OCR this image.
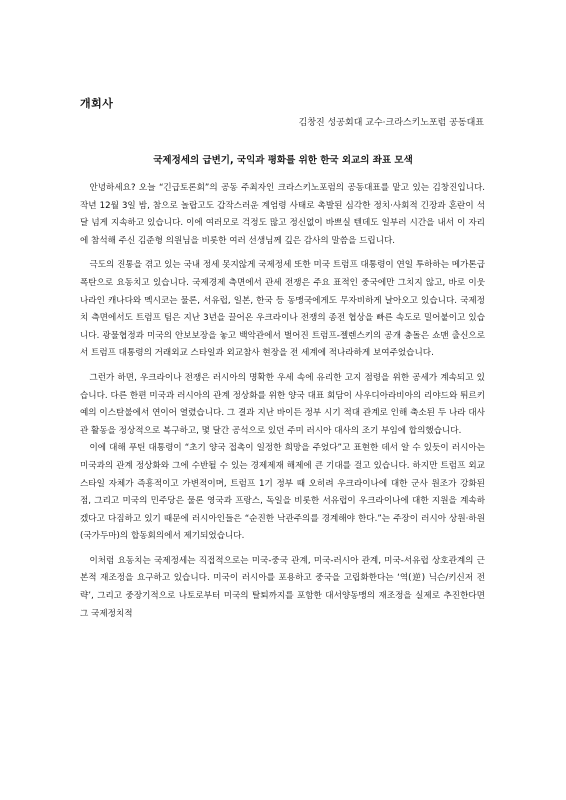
개회사
김창진 성공회대 교수·크라스키노포럼 공동대표
국제정세의 급변기, 국익과 평화를 위한 한국 외교의 좌표 모색

안녕하세요? 오늘 “긴급토론회”의 공동 주최자인 크라스키노포럼의 공동대표를 맡고 있는 김창진입니다. 작년 12월 3일 밤, 참으로 놀랍고도 갑작스러운 계엄령 사태로 촉발된 심각한 정치·사회적 긴장과 혼란이 석 달 넘게 지속하고 있습니다. 이에 여러모로 걱정도 많고 정신없이 바쁘실 텐데도 일부러 시간을 내서 이 자리에 참석해 주신 김준형 의원님을 비롯한 여러 선생님께 깊은 감사의 말씀을 드립니다.

극도의 진통을 겪고 있는 국내 정세 못지않게 국제정세 또한 미국 트럼프 대통령이 연일 투하하는 메가톤급 폭탄으로 요동치고 있습니다. 국제경제 측면에서 관세 전쟁은 주요 표적인 중국에만 그치지 않고, 바로 이웃 나라인 캐나다와 멕시코는 물론, 서유럽, 일본, 한국 등 동맹국에게도 무자비하게 날아오고 있습니다. 국제정치 측면에서도 트럼프 팀은 지난 3년을 끌어온 우크라이나 전쟁의 종전 협상을 빠른 속도로 밀어붙이고 있습니다. 광물협정과 미국의 안보보장을 놓고 백악관에서 벌어진 트럼프-젤렌스키의 공개 충돌은 쇼맨 출신으로서 트럼프 대통령의 거래외교 스타일과 외교참사 현장을 전 세계에 적나라하게 보여주었습니다.

그런가 하면, 우크라이나 전쟁은 러시아의 명확한 우세 속에 유리한 고지 점령을 위한 공세가 계속되고 있습니다. 다른 한편 미국과 러시아의 관계 정상화를 위한 양국 대표 회담이 사우디아라비아의 리야드와 튀르키예의 이스탄불에서 연이어 열렸습니다. 그 결과 지난 바이든 정부 시기 적대 관계로 인해 축소된 두 나라 대사관 활동을 정상적으로 복구하고, 몇 달간 공석으로 있던 주미 러시아 대사의 조기 부임에 합의했습니다.

이에 대해 푸틴 대통령이 “초기 양국 접촉이 일정한 희망을 주었다”고 표현한 데서 알 수 있듯이 러시아는 미국과의 관계 정상화와 그에 수반될 수 있는 경제제재 해제에 큰 기대를 걸고 있습니다. 하지만 트럼프 외교 스타일 자체가 즉흥적이고 가변적이며, 트럼프 1기 정부 때 오히려 우크라이나에 대한 군사 원조가 강화된 점, 그리고 미국의 민주당은 물론 영국과 프랑스, 독일을 비롯한 서유럽이 우크라이나에 대한 지원을 계속하겠다고 다짐하고 있기 때문에 러시아인들은 “순진한 낙관주의를 경계해야 한다.”는 주장이 러시아 상원·하원(국가두마)의 합동회의에서 제기되었습니다.

이처럼 요동치는 국제정세는 직접적으로는 미국-중국 관계, 미국-러시아 관계, 미국-서유럽 상호관계의 근본적 재조정을 요구하고 있습니다. 미국이 러시아를 포용하고 중국을 고립화한다는 ‘역(逆) 닉슨/키신저 전략’, 그리고 중장기적으로 나토로부터 미국의 탈퇴까지를 포함한 대서양동맹의 재조정을 실제로 추진한다면 그 국제정치적
